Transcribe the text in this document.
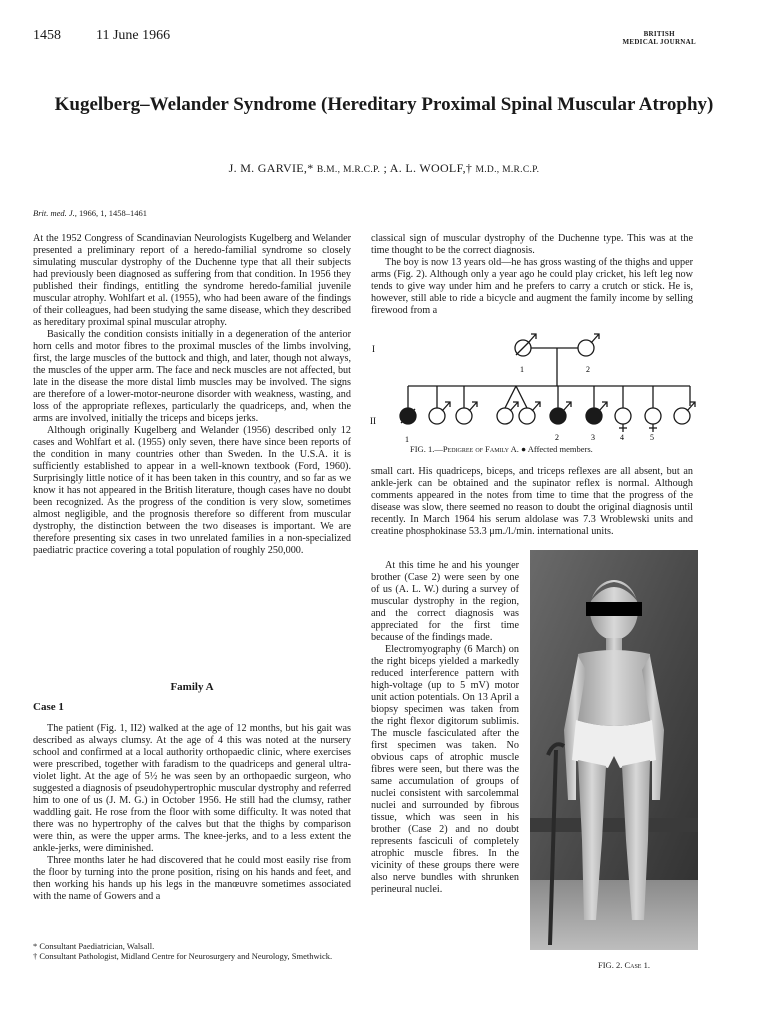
1458	11 June 1966	BRITISH
MEDICAL JOURNAL
Kugelberg–Welander Syndrome (Hereditary Proximal Spinal Muscular Atrophy)
J. M. GARVIE,* B.M., M.R.C.P. ; A. L. WOOLF,† M.D., M.R.C.P.
Brit. med. J., 1966, 1, 1458–1461

At the 1952 Congress of Scandinavian Neurologists Kugelberg and Welander presented a preliminary report of a heredo-familial syndrome so closely simulating muscular dystrophy of the Duchenne type that all their subjects had previously been diagnosed as suffering from that condition. In 1956 they published their findings, entitling the syndrome heredo-familial juvenile muscular atrophy. Wohlfart et al. (1955), who had been aware of the findings of their colleagues, had been studying the same disease, which they described as hereditary proximal spinal muscular atrophy.

Basically the condition consists initially in a degeneration of the anterior horn cells and motor fibres to the proximal muscles of the limbs involving, first, the large muscles of the buttock and thigh, and later, though not always, the muscles of the upper arm. The face and neck muscles are not affected, but late in the disease the more distal limb muscles may be involved. The signs are therefore of a lower-motor-neurone disorder with weakness, wasting, and loss of the appropriate reflexes, particularly the quadriceps, and, when the arms are involved, initially the triceps and biceps jerks.

Although originally Kugelberg and Welander (1956) described only 12 cases and Wohlfart et al. (1955) only seven, there have since been reports of the condition in many countries other than Sweden. In the U.S.A. it is sufficiently established to appear in a well-known textbook (Ford, 1960). Surprisingly little notice of it has been taken in this country, and so far as we know it has not appeared in the British literature, though cases have no doubt been recognized. As the progress of the condition is very slow, sometimes almost negligible, and the prognosis therefore so different from muscular dystrophy, the distinction between the two diseases is important. We are therefore presenting six cases in two unrelated families in a non-specialized paediatric practice covering a total population of roughly 250,000.

Family A
Case 1

The patient (Fig. 1, II2) walked at the age of 12 months, but his gait was described as always clumsy. At the age of 4 this was noted at the nursery school and confirmed at a local authority orthopaedic clinic, where exercises were prescribed, together with faradism to the quadriceps and general ultra-violet light. At the age of 5½ he was seen by an orthopaedic surgeon, who suggested a diagnosis of pseudohypertrophic muscular dystrophy and referred him to one of us (J. M. G.) in October 1956. He still had the clumsy, rather waddling gait. He rose from the floor with some difficulty. It was noted that there was no hypertrophy of the calves but that the thighs by comparison were thin, as were the upper arms. The knee-jerks, and to a less extent the ankle-jerks, were diminished.

Three months later he had discovered that he could most easily rise from the floor by turning into the prone position, rising on his hands and feet, and then working his hands up his legs in the manœuvre sometimes associated with the name of Gowers and a

* Consultant Paediatrician, Walsall.
† Consultant Pathologist, Midland Centre for Neurosurgery and Neurology, Smethwick.

classical sign of muscular dystrophy of the Duchenne type. This was at the time thought to be the correct diagnosis.

The boy is now 13 years old—he has gross wasting of the thighs and upper arms (Fig. 2). Although only a year ago he could play cricket, his left leg now tends to give way under him and he prefers to carry a crutch or stick. He is, however, still able to ride a bicycle and augment the family income by selling firewood from a

I
1	2
II
1	2	3	4	5
FIG. 1.—Pedigree of Family A. ● Affected members.

small cart. His quadriceps, biceps, and triceps reflexes are all absent, but an ankle-jerk can be obtained and the supinator reflex is normal. Although comments appeared in the notes from time to time that the progress of the disease was slow, there seemed no reason to doubt the original diagnosis until recently. In March 1964 his serum aldolase was 7.3 Wroblewski units and creatine phosphokinase 53.3 μm./l./min. international units.

At this time he and his younger brother (Case 2) were seen by one of us (A. L. W.) during a survey of muscular dystrophy in the region, and the correct diagnosis was appreciated for the first time because of the findings made.

Electromyography (6 March) on the right biceps yielded a markedly reduced interference pattern with high-voltage (up to 5 mV) motor unit action potentials. On 13 April a biopsy specimen was taken from the right flexor digitorum sublimis. The muscle fasciculated after the first specimen was taken. No obvious caps of atrophic muscle fibres were seen, but there was the same accumulation of groups of nuclei consistent with sarcolemmal nuclei and surrounded by fibrous tissue, which was seen in his brother (Case 2) and no doubt represents fasciculi of completely atrophic muscle fibres. In the vicinity of these groups there were also nerve bundles with shrunken perineural nuclei.

FIG. 2. Case 1.
